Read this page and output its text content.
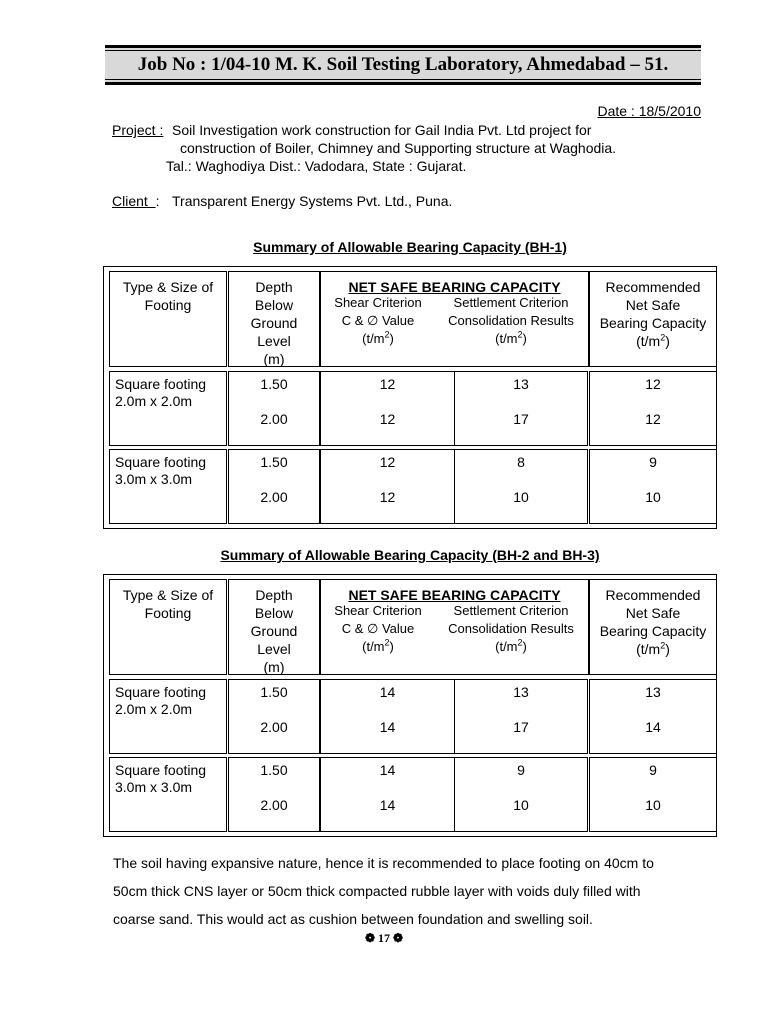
Job No : 1/04-10 M. K. Soil Testing Laboratory, Ahmedabad – 51.
Date : 18/5/2010
Project : Soil Investigation work construction for Gail India Pvt. Ltd project for
construction of Boiler, Chimney and Supporting structure at Waghodia.
Tal.: Waghodiya Dist.: Vadodara, State : Gujarat.
Client  : Transparent Energy Systems Pvt. Ltd., Puna.
Summary of Allowable Bearing Capacity (BH-1)
Type & Size of
Footing
Depth
Below
Ground
Level
(m)
NET SAFE BEARING CAPACITY
Shear Criterion
C & ∅ Value
$(t/m^2)$
Settlement Criterion
Consolidation Results
$(t/m^2)$
Recommended
Net Safe
Bearing Capacity
$(t/m^2)$
Square footing
2.0m x 2.0m
1.50
2.00
12
12
13
17
12
12
Square footing
3.0m x 3.0m
1.50
2.00
12
12
8
10
9
10
Summary of Allowable Bearing Capacity (BH-2 and BH-3)
Type & Size of
Footing
Depth
Below
Ground
Level
(m)
NET SAFE BEARING CAPACITY
Shear Criterion
C & ∅ Value
$(t/m^2)$
Settlement Criterion
Consolidation Results
$(t/m^2)$
Recommended
Net Safe
Bearing Capacity
$(t/m^2)$
Square footing
2.0m x 2.0m
1.50
2.00
14
14
13
17
13
14
Square footing
3.0m x 3.0m
1.50
2.00
14
14
9
10
9
10
The soil having expansive nature, hence it is recommended to place footing on 40cm to
50cm thick CNS layer or 50cm thick compacted rubble layer with voids duly filled with
coarse sand. This would act as cushion between foundation and swelling soil.
❁ 17 ❁
